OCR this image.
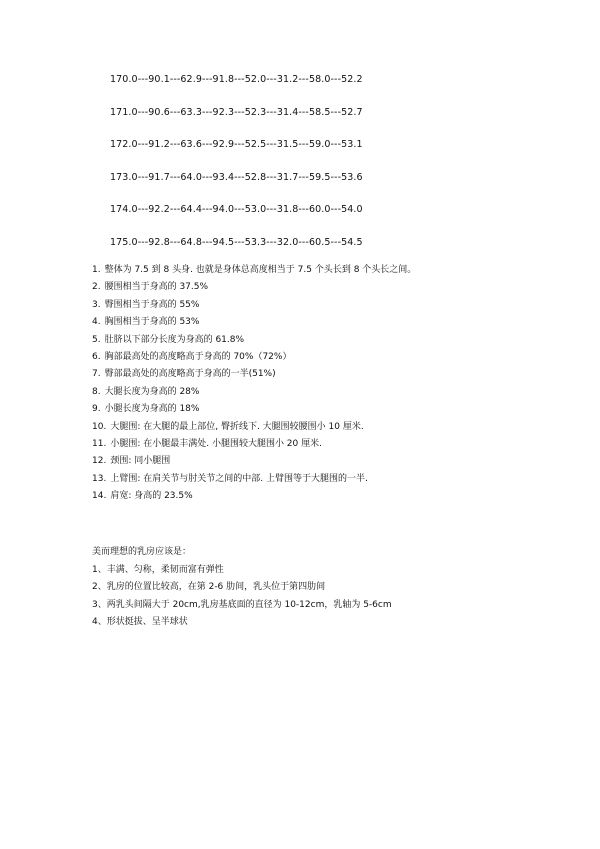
170.0---90.1---62.9---91.8---52.0---31.2---58.0---52.2
171.0---90.6---63.3---92.3---52.3---31.4---58.5---52.7
172.0---91.2---63.6---92.9---52.5---31.5---59.0---53.1
173.0---91.7---64.0---93.4---52.8---31.7---59.5---53.6
174.0---92.2---64.4---94.0---53.0---31.8---60.0---54.0
175.0---92.8---64.8---94.5---53.3---32.0---60.5---54.5
1. 整体为 7.5 到 8 头身. 也就是身体总高度相当于 7.5 个头长到 8 个头长之间。
2. 腰围相当于身高的 37.5%
3. 臀围相当于身高的 55%
4. 胸围相当于身高的 53%
5. 肚脐以下部分长度为身高的 61.8%
6. 胸部最高处的高度略高于身高的 70%（72%）
7. 臀部最高处的高度略高于身高的一半(51%)
8. 大腿长度为身高的 28%
9. 小腿长度为身高的 18%
10. 大腿围: 在大腿的最上部位, 臀折线下. 大腿围较腰围小 10 厘米.
11. 小腿围: 在小腿最丰满处. 小腿围较大腿围小 20 厘米.
12. 颈围: 同小腿围
13. 上臂围: 在肩关节与肘关节之间的中部. 上臂围等于大腿围的一半.
14. 肩宽: 身高的 23.5%
美而理想的乳房应该是：
1、丰满、匀称，柔韧而富有弹性
2、乳房的位置比较高，在第 2-6 肋间，乳头位于第四肋间
3、两乳头间隔大于 20cm,乳房基底面的直径为 10-12cm，乳轴为 5-6cm
4、形状挺拔、呈半球状
